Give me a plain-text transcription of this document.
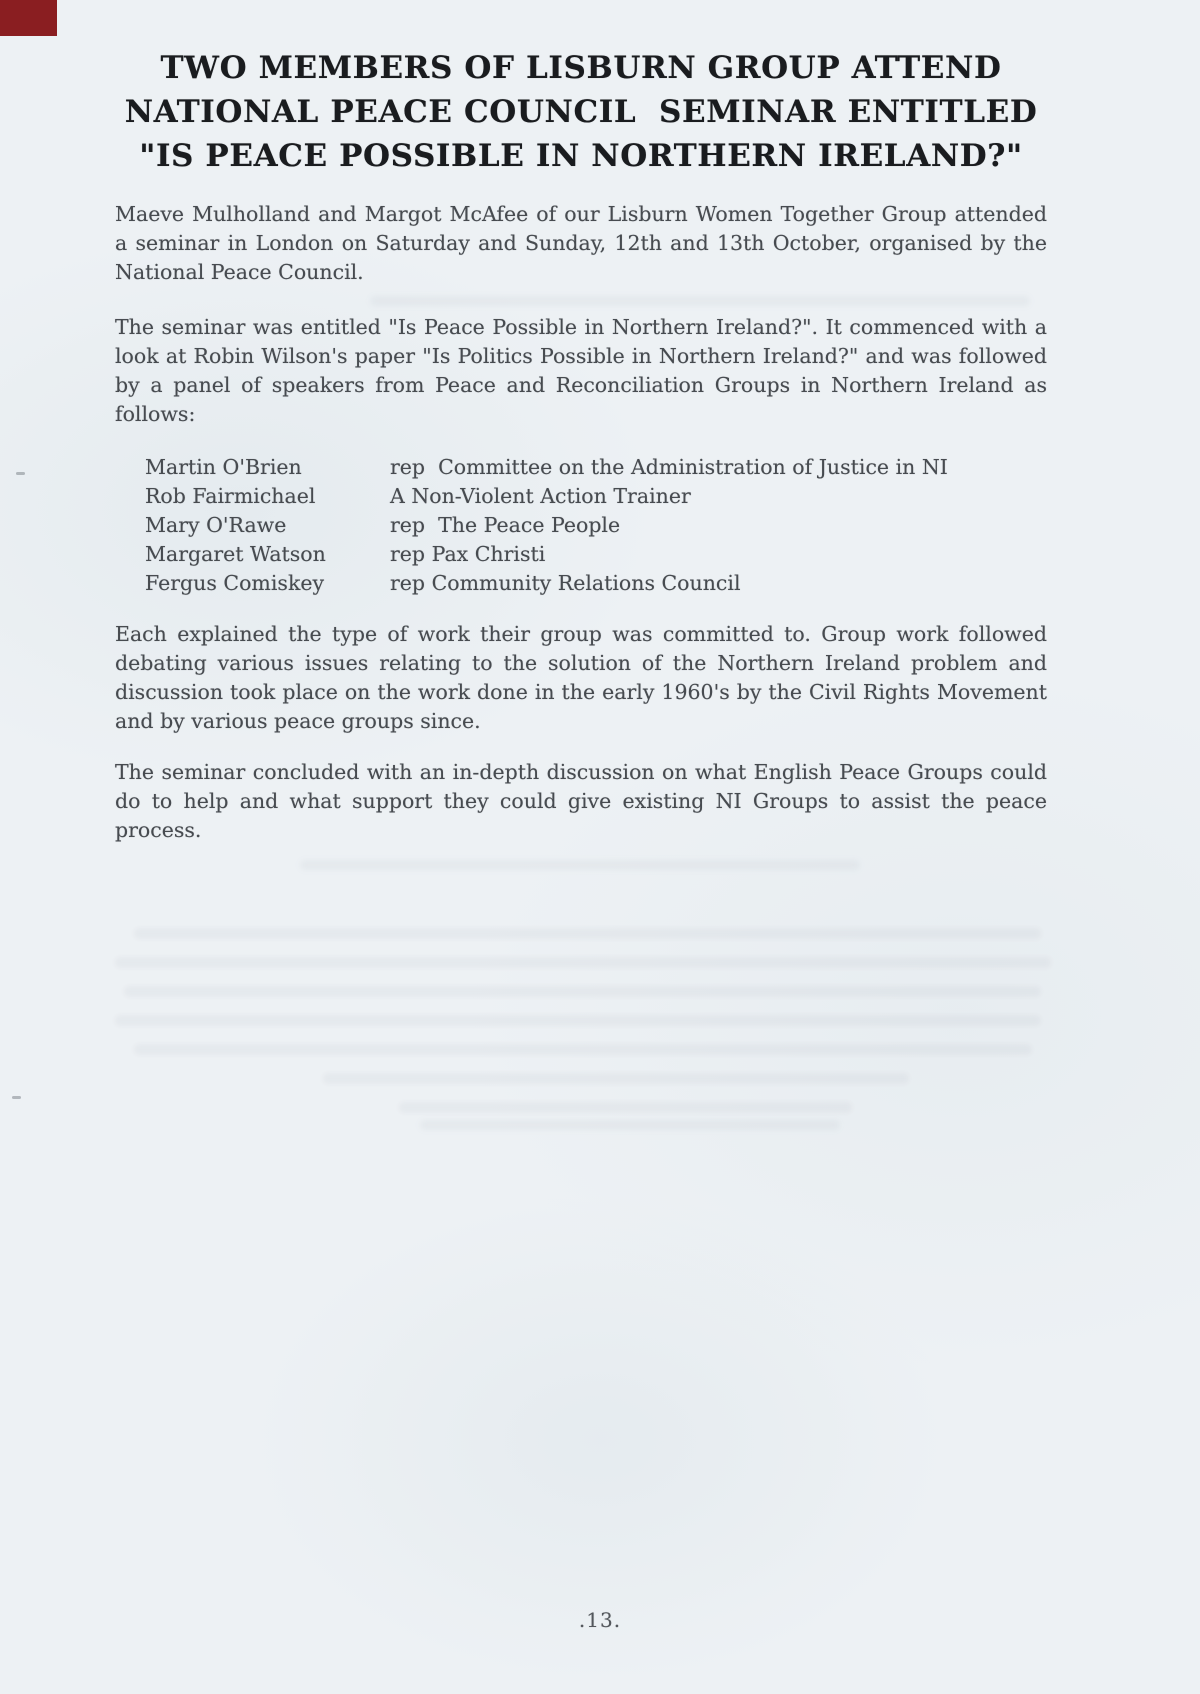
TWO MEMBERS OF LISBURN GROUP ATTEND
NATIONAL PEACE COUNCIL  SEMINAR ENTITLED
"IS PEACE POSSIBLE IN NORTHERN IRELAND?"

Maeve Mulholland and Margot McAfee of our Lisburn Women Together Group attended a seminar in London on Saturday and Sunday, 12th and 13th October, organised by the National Peace Council.

The seminar was entitled "Is Peace Possible in Northern Ireland?". It commenced with a look at Robin Wilson's paper "Is Politics Possible in Northern Ireland?" and was followed by a panel of speakers from Peace and Reconciliation Groups in Northern Ireland as follows:

Martin O'Brien	rep  Committee on the Administration of Justice in NI
Rob Fairmichael	A Non-Violent Action Trainer
Mary O'Rawe	rep  The Peace People
Margaret Watson	rep Pax Christi
Fergus Comiskey	rep Community Relations Council

Each explained the type of work their group was committed to. Group work followed debating various issues relating to the solution of the Northern Ireland problem and discussion took place on the work done in the early 1960's by the Civil Rights Movement and by various peace groups since.

The seminar concluded with an in-depth discussion on what English Peace Groups could do to help and what support they could give existing NI Groups to assist the peace process.

.13.
